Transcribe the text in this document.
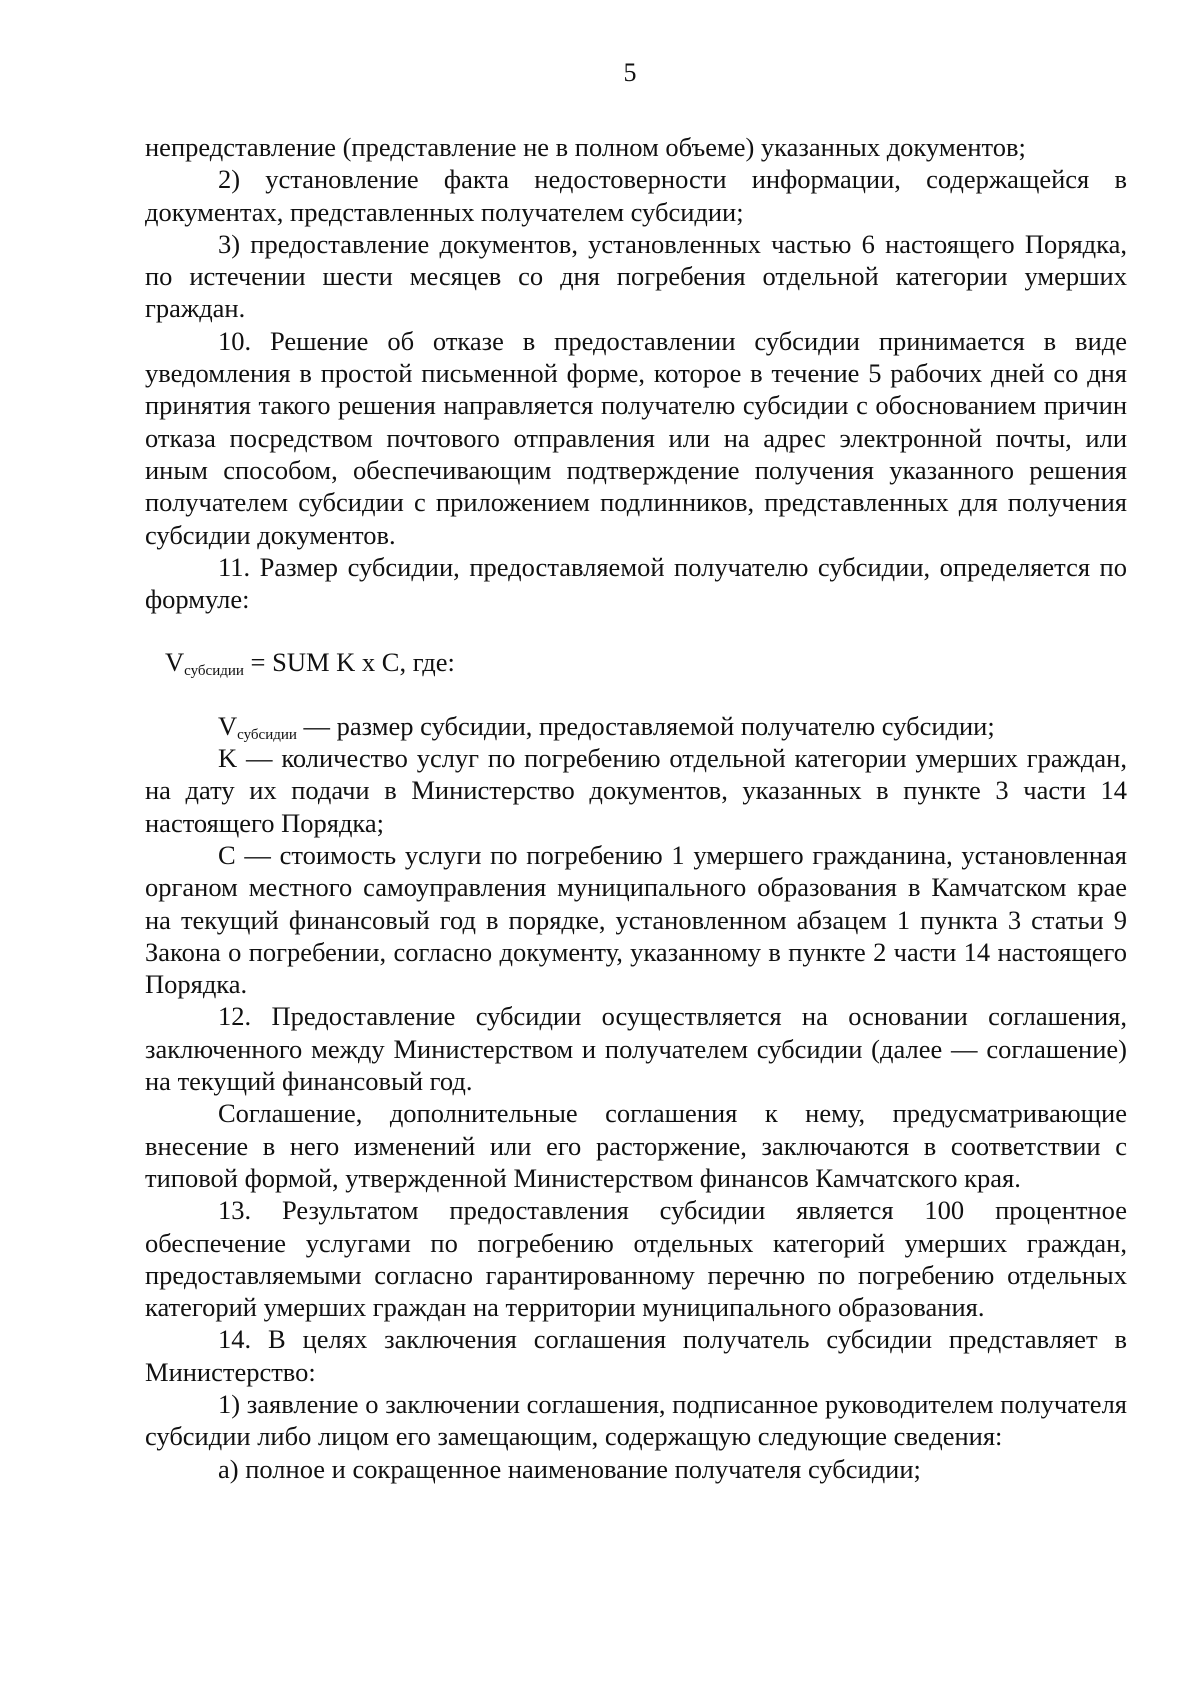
5

непредставление (представление не в полном объеме) указанных документов;

2) установление факта недостоверности информации, содержащейся в документах, представленных получателем субсидии;

3) предоставление документов, установленных частью 6 настоящего Порядка, по истечении шести месяцев со дня погребения отдельной категории умерших граждан.

10. Решение об отказе в предоставлении субсидии принимается в виде уведомления в простой письменной форме, которое в течение 5 рабочих дней со дня принятия такого решения направляется получателю субсидии с обоснованием причин отказа посредством почтового отправления или на адрес электронной почты, или иным способом, обеспечивающим подтверждение получения указанного решения получателем субсидии с приложением подлинников, представленных для получения субсидии документов.

11. Размер субсидии, предоставляемой получателю субсидии, определяется по формуле:

$V_{субсидии}$ = SUM K x C, где:

$V_{субсидии}$ — размер субсидии, предоставляемой получателю субсидии;

K — количество услуг по погребению отдельной категории умерших граждан, на дату их подачи в Министерство документов, указанных в пункте 3 части 14 настоящего Порядка;

C — стоимость услуги по погребению 1 умершего гражданина, установленная органом местного самоуправления муниципального образования в Камчатском крае на текущий финансовый год в порядке, установленном абзацем 1 пункта 3 статьи 9 Закона о погребении, согласно документу, указанному в пункте 2 части 14 настоящего Порядка.

12. Предоставление субсидии осуществляется на основании соглашения, заключенного между Министерством и получателем субсидии (далее — соглашение) на текущий финансовый год.

Соглашение, дополнительные соглашения к нему, предусматривающие внесение в него изменений или его расторжение, заключаются в соответствии с типовой формой, утвержденной Министерством финансов Камчатского края.

13. Результатом предоставления субсидии является 100 процентное обеспечение услугами по погребению отдельных категорий умерших граждан, предоставляемыми согласно гарантированному перечню по погребению отдельных категорий умерших граждан на территории муниципального образования.

14. В целях заключения соглашения получатель субсидии представляет в Министерство:

1) заявление о заключении соглашения, подписанное руководителем получателя субсидии либо лицом его замещающим, содержащую следующие сведения:

а) полное и сокращенное наименование получателя субсидии;
